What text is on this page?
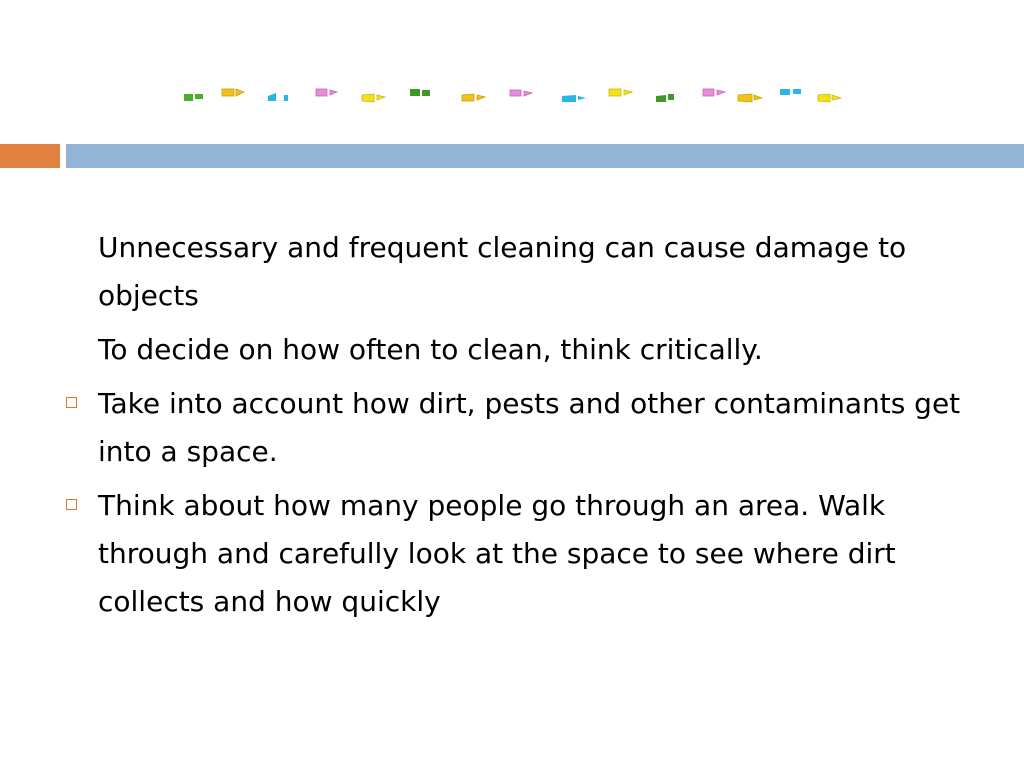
Unnecessary and frequent cleaning can cause damage to objects
To decide on how often to clean, think critically.
Take into account how dirt, pests and other contaminants get into a space.
Think about how many people go through an area. Walk through and carefully look at the space to see where dirt collects and how quickly
